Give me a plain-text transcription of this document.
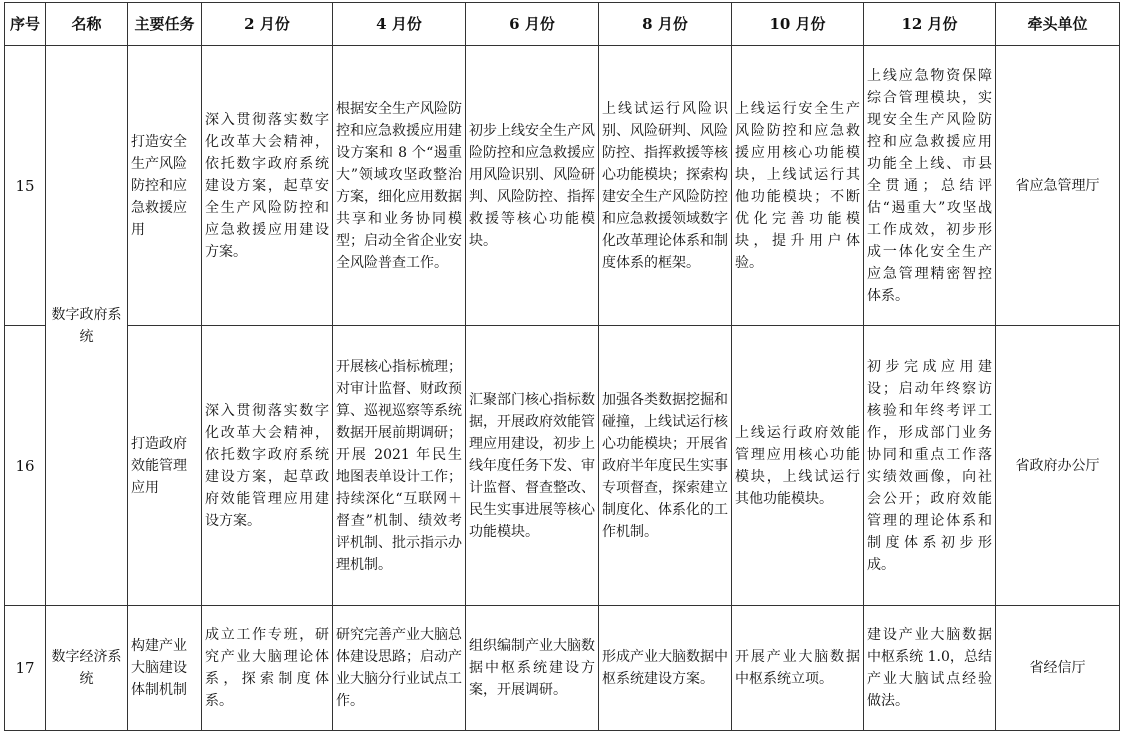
序号	名称	主要任务	2 月份	4 月份	6 月份	8 月份	10 月份	12 月份	牵头单位
15	数字政府系统	打造安全生产风险防控和应急救援应用	深入贯彻落实数字化改革大会精神，依托数字政府系统建设方案，起草安全生产风险防控和应急救援应用建设方案。	根据安全生产风险防控和应急救援应用建设方案和 8 个“遏重大”领域攻坚政整治方案，细化应用数据共享和业务协同模型；启动全省企业安全风险普查工作。	初步上线安全生产风险防控和应急救援应用风险识别、风险研判、风险防控、指挥救援等核心功能模块。	上线试运行风险识别、风险研判、风险防控、指挥救援等核心功能模块；探索构建安全生产风险防控和应急救援领域数字化改革理论体系和制度体系的框架。	上线运行安全生产风险防控和应急救援应用核心功能模块，上线试运行其他功能模块；不断优化完善功能模块，提升用户体验。	上线应急物资保障综合管理模块，实现安全生产风险防控和应急救援应用功能全上线、市县全贯通；总结评估“遏重大”攻坚战工作成效，初步形成一体化安全生产应急管理精密智控体系。	省应急管理厅
16		打造政府效能管理应用	深入贯彻落实数字化改革大会精神，依托数字政府系统建设方案，起草政府效能管理应用建设方案。	开展核心指标梳理；对审计监督、财政预算、巡视巡察等系统数据开展前期调研；开展 2021 年民生地图表单设计工作；持续深化“互联网＋督查”机制、绩效考评机制、批示指示办理机制。	汇聚部门核心指标数据，开展政府效能管理应用建设，初步上线年度任务下发、审计监督、督查整改、民生实事进展等核心功能模块。	加强各类数据挖掘和碰撞，上线试运行核心功能模块；开展省政府半年度民生实事专项督查，探索建立制度化、体系化的工作机制。	上线运行政府效能管理应用核心功能模块，上线试运行其他功能模块。	初步完成应用建设；启动年终察访核验和年终考评工作，形成部门业务协同和重点工作落实绩效画像，向社会公开；政府效能管理的理论体系和制度体系初步形成。	省政府办公厅
17	数字经济系统	构建产业大脑建设体制机制	成立工作专班，研究产业大脑理论体系，探索制度体系。	研究完善产业大脑总体建设思路；启动产业大脑分行业试点工作。	组织编制产业大脑数据中枢系统建设方案，开展调研。	形成产业大脑数据中枢系统建设方案。	开展产业大脑数据中枢系统立项。	建设产业大脑数据中枢系统 1.0，总结产业大脑试点经验做法。	省经信厅
